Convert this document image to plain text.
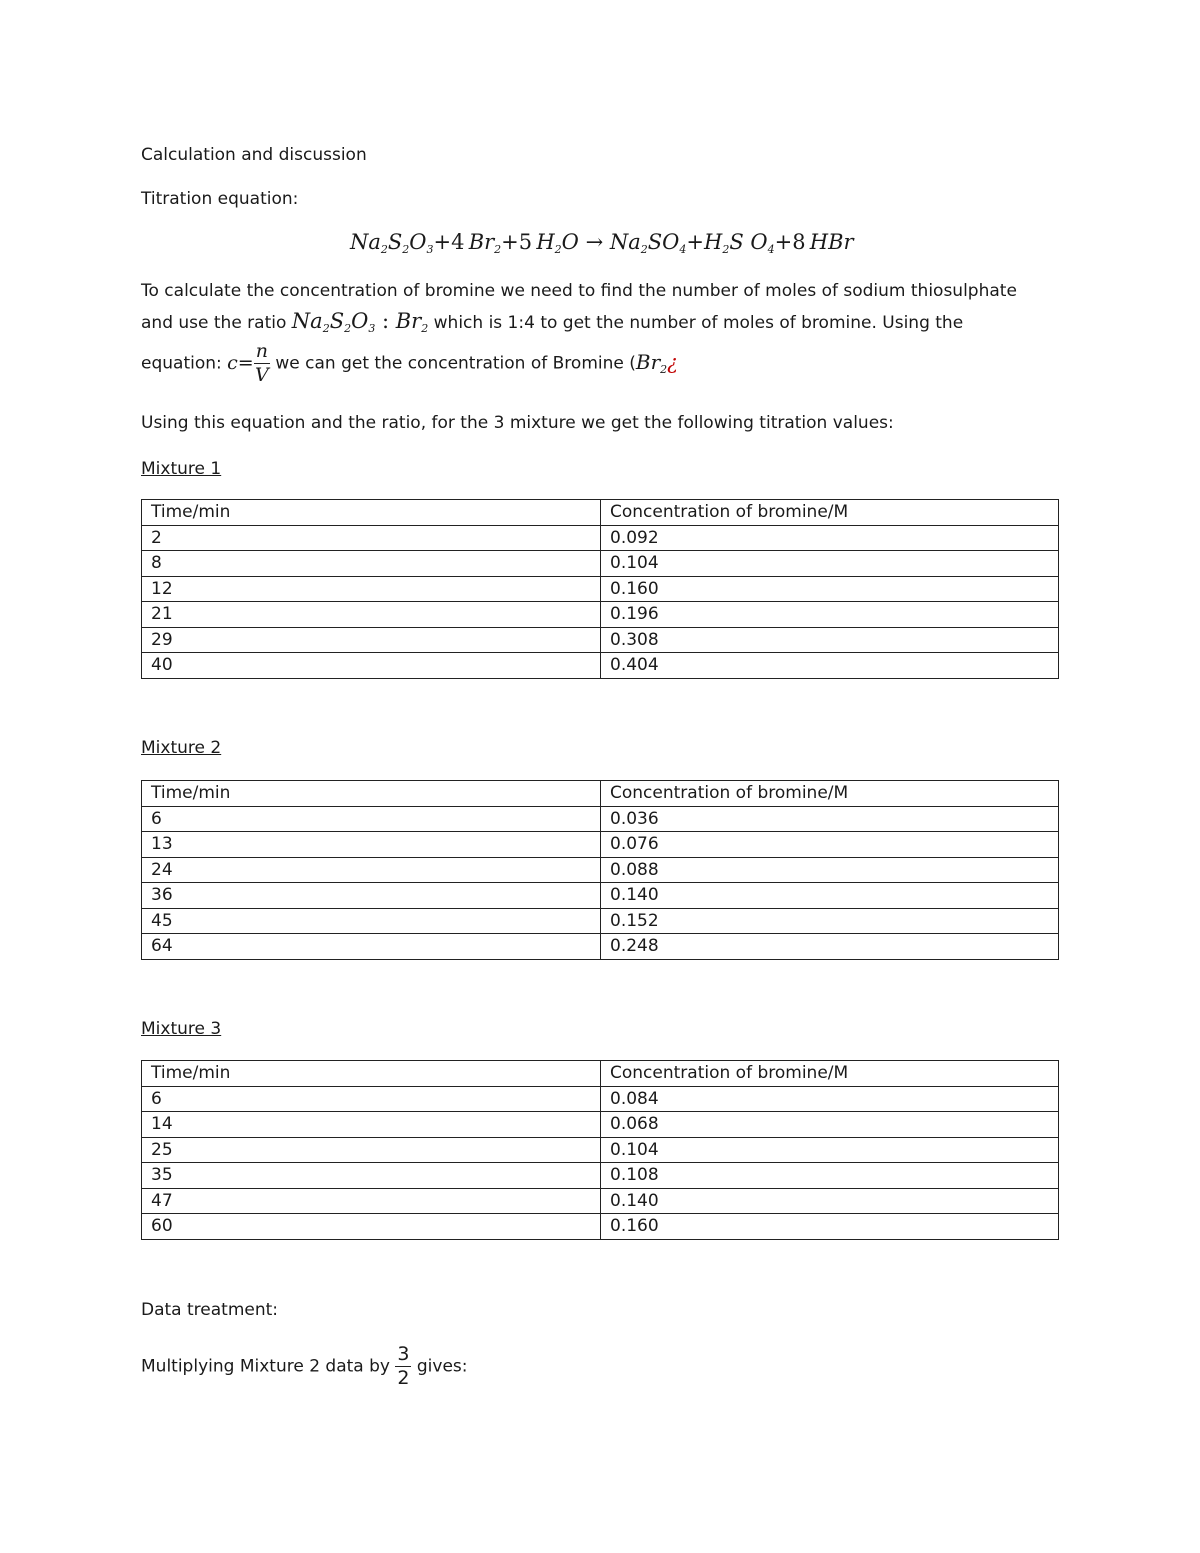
Calculation and discussion
Titration equation:
$Na_2S_2O_3+4$  $Br_2+5$  $H_2O \to Na_2SO_4+H_2S$ $O_4+8$  HBr
To calculate the concentration of bromine we need to find the number of moles of sodium thiosulphate
and use the ratio $Na_2S_2O_3$ : $Br_2$ which is 1:4 to get the number of moles of bromine. Using the
equation: $c= \frac{n}{V}$ we can get the concentration of Bromine ($Br_2¿$
Using this equation and the ratio, for the 3 mixture we get the following titration values:
Mixture 1
Time/min	Concentration of bromine/M
2	0.092
8	0.104
12	0.160
21	0.196
29	0.308
40	0.404
Mixture 2
Time/min	Concentration of bromine/M
6	0.036
13	0.076
24	0.088
36	0.140
45	0.152
64	0.248
Mixture 3
Time/min	Concentration of bromine/M
6	0.084
14	0.068
25	0.104
35	0.108
47	0.140
60	0.160
Data treatment:
Multiplying Mixture 2 data by $\frac{3}{2}$ gives:
